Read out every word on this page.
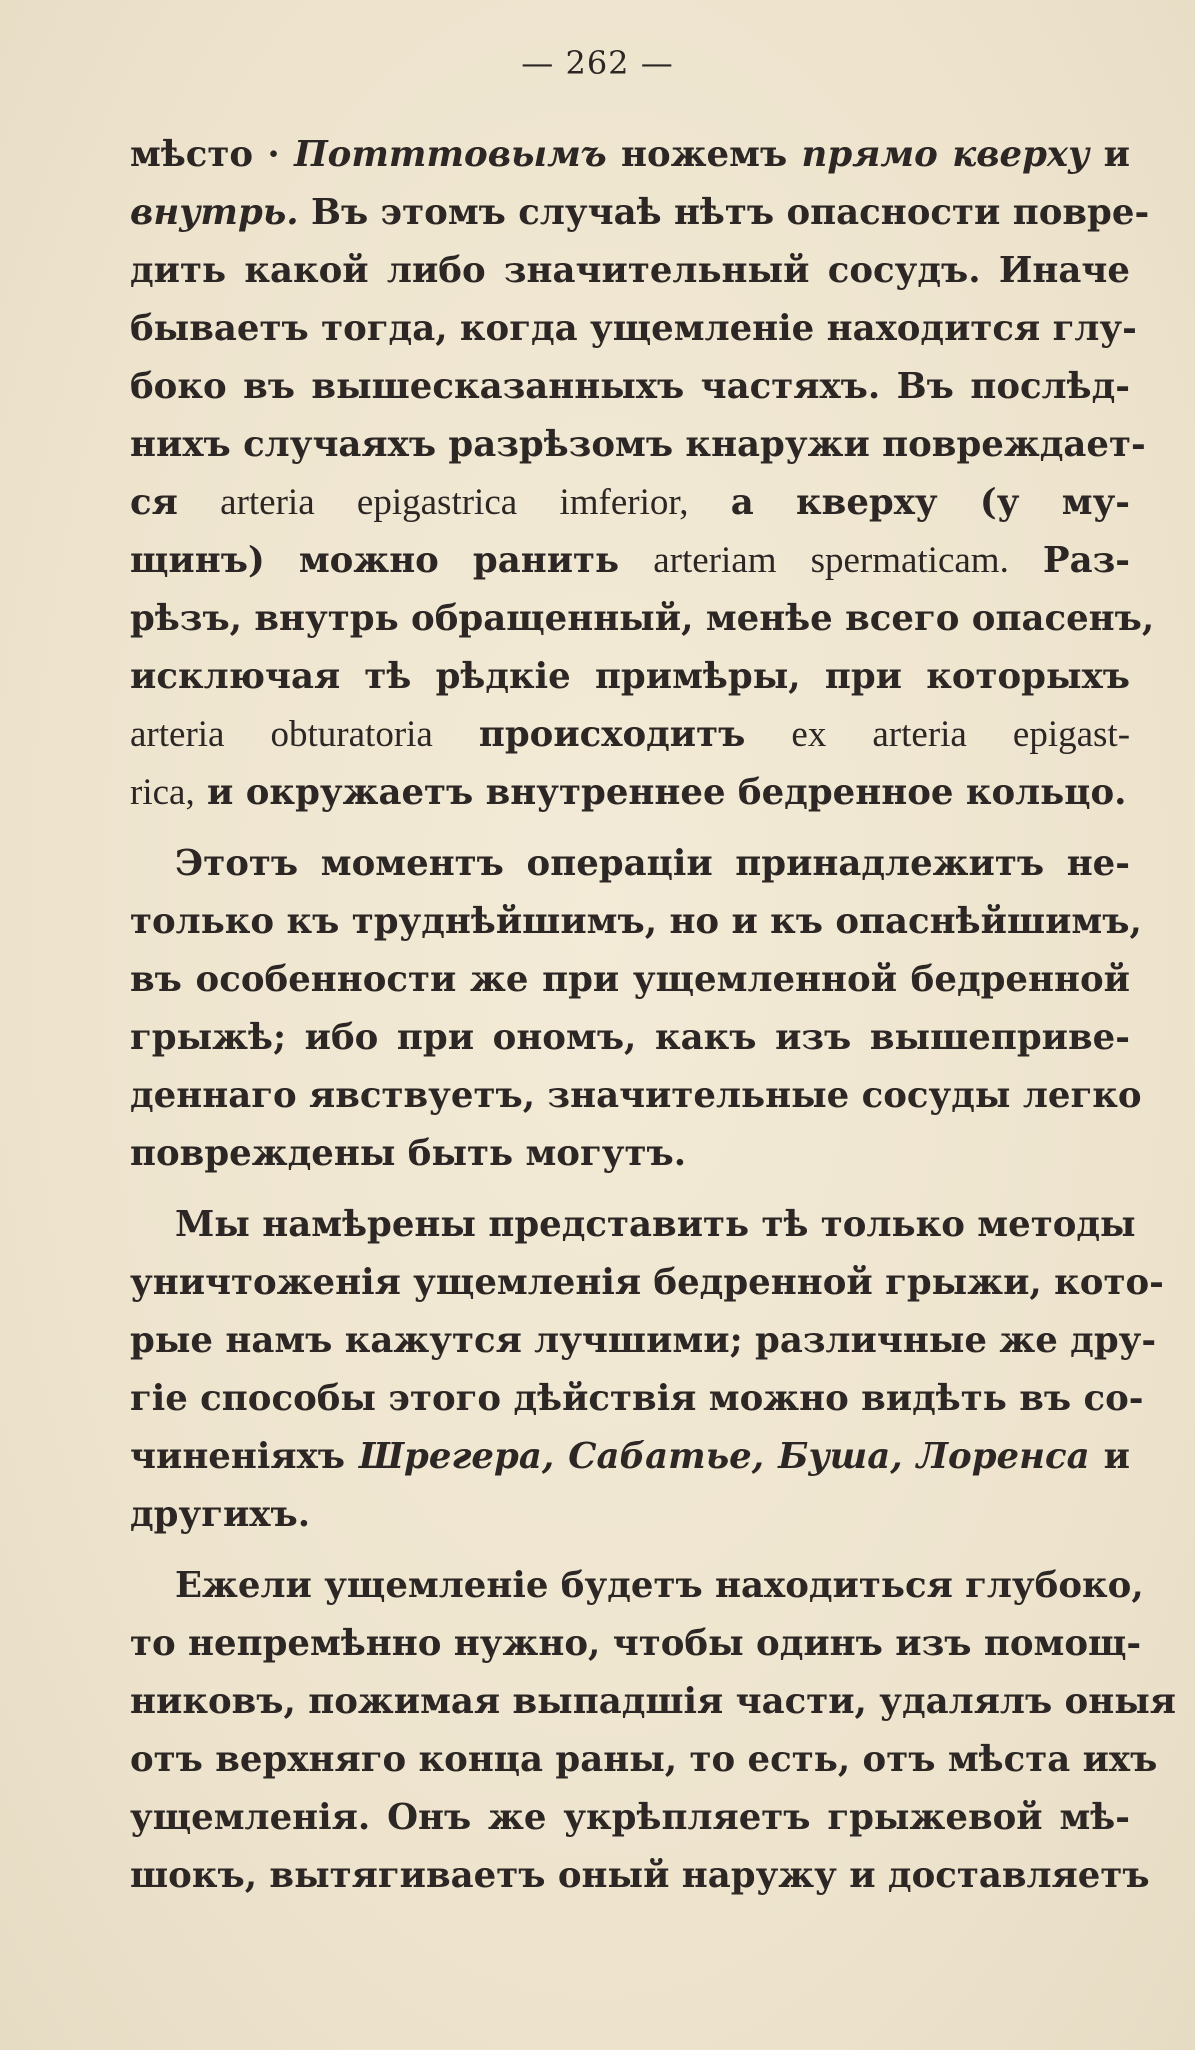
— 262 —
мѣсто · Потттовымъ ножемъ прямо кверху и
внутрь. Въ этомъ случаѣ нѣтъ опасности повре-
дить какой либо значительный сосудъ. Иначе
бываетъ тогда, когда ущемленіе находится глу-
боко въ вышесказанныхъ частяхъ. Въ послѣд-
нихъ случаяхъ разрѣзомъ кнаружи повреждает-
ся arteria epigastrica imferior, а кверху (у му-
щинъ) можно ранить arteriam spermaticam. Раз-
рѣзъ, внутрь обращенный, менѣе всего опасенъ,
исключая тѣ рѣдкіе примѣры, при которыхъ
arteria obturatoria происходитъ ex arteria epigast-
rica, и окружаетъ внутреннее бедренное кольцо.
Этотъ моментъ операціи принадлежитъ не-
только къ труднѣйшимъ, но и къ опаснѣйшимъ,
въ особенности же при ущемленной бедренной
грыжѣ; ибо при ономъ, какъ изъ вышеприве-
деннаго явствуетъ, значительные сосуды легко
повреждены быть могутъ.
Мы намѣрены представить тѣ только методы
уничтоженія ущемленія бедренной грыжи, кото-
рые намъ кажутся лучшими; различные же дру-
гіе способы этого дѣйствія можно видѣть въ со-
чиненіяхъ Шрегера, Сабатье, Буша, Лоренса и
другихъ.
Ежели ущемленіе будетъ находиться глубоко,
то непремѣнно нужно, чтобы одинъ изъ помощ-
никовъ, пожимая выпадшія части, удалялъ оныя
отъ верхняго конца раны, то есть, отъ мѣста ихъ
ущемленія. Онъ же укрѣпляетъ грыжевой мѣ-
шокъ, вытягиваетъ оный наружу и доставляетъ
